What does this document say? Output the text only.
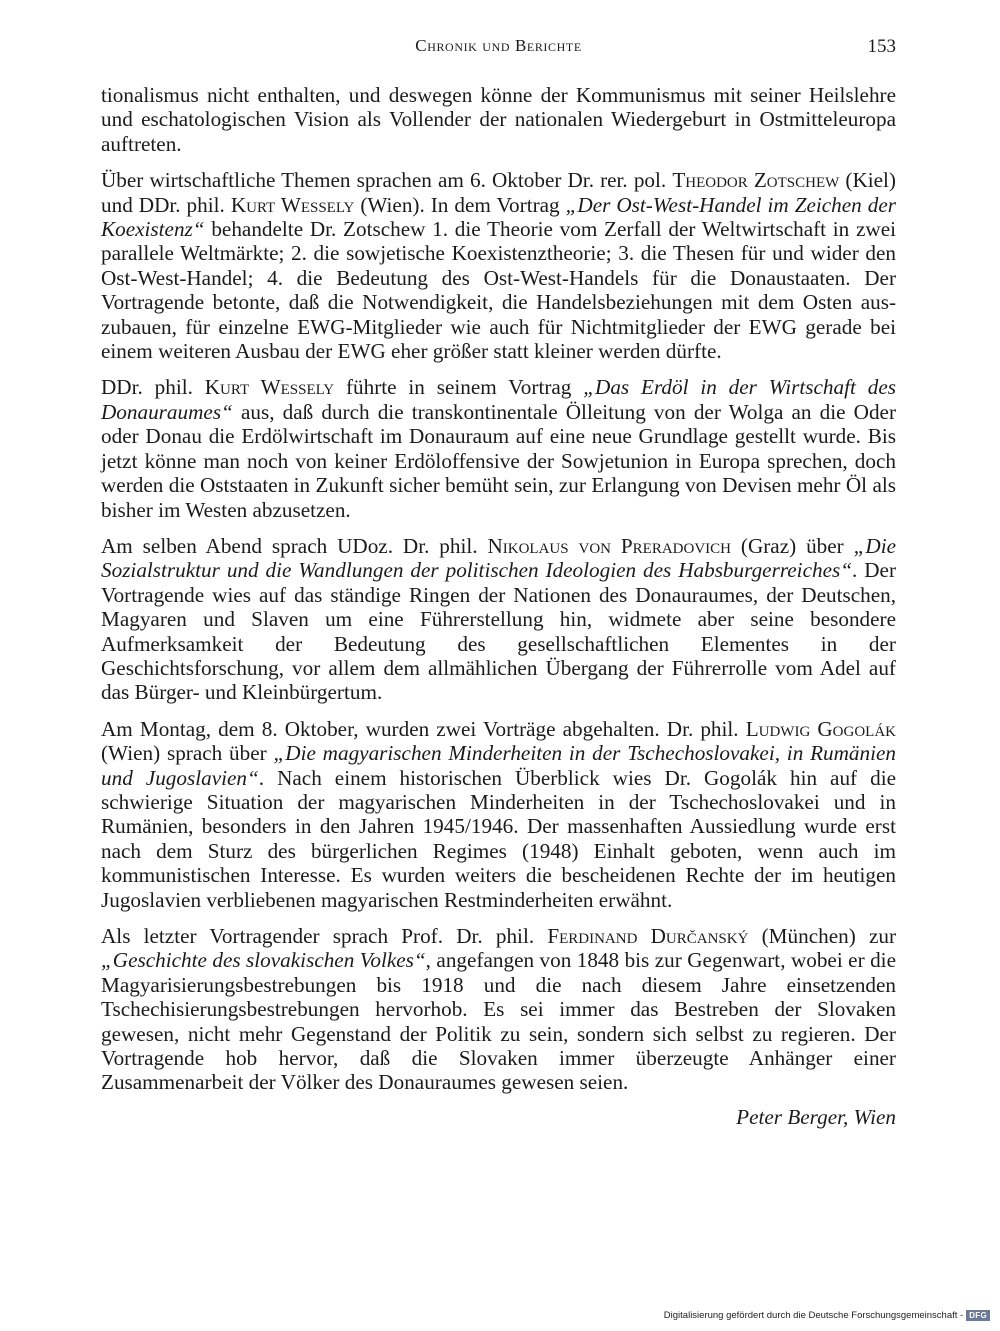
Chronik und Berichte	153

tionalismus nicht enthalten, und deswegen könne der Kommunismus mit seiner Heilslehre und eschatologischen Vision als Vollender der nationalen Wiedergeburt in Ostmitteleuropa auftreten.

Über wirtschaftliche Themen sprachen am 6. Oktober Dr. rer. pol. Theodor Zotschew (Kiel) und DDr. phil. Kurt Wessely (Wien). In dem Vortrag „Der Ost-West-Handel im Zeichen der Koexistenz“ behandelte Dr. Zotschew 1. die Theorie vom Zerfall der Weltwirtschaft in zwei parallele Weltmärkte; 2. die sowjetische Koexistenztheorie; 3. die Thesen für und wider den Ost-West-Handel; 4. die Bedeutung des Ost-West-Handels für die Donaustaaten. Der Vortragende betonte, daß die Notwendigkeit, die Handelsbeziehungen mit dem Osten auszubauen, für einzelne EWG-Mitglieder wie auch für Nichtmitglieder der EWG gerade bei einem weiteren Ausbau der EWG eher größer statt kleiner werden dürfte.

DDr. phil. Kurt Wessely führte in seinem Vortrag „Das Erdöl in der Wirtschaft des Donauraumes“ aus, daß durch die transkontinentale Ölleitung von der Wolga an die Oder oder Donau die Erdölwirtschaft im Donauraum auf eine neue Grundlage gestellt wurde. Bis jetzt könne man noch von keiner Erdöloffensive der Sowjetunion in Europa sprechen, doch werden die Oststaaten in Zukunft sicher bemüht sein, zur Erlangung von Devisen mehr Öl als bisher im Westen abzusetzen.

Am selben Abend sprach UDoz. Dr. phil. Nikolaus von Preradovich (Graz) über „Die Sozialstruktur und die Wandlungen der politischen Ideologien des Habsburgerreiches“. Der Vortragende wies auf das ständige Ringen der Nationen des Donauraumes, der Deutschen, Magyaren und Slaven um eine Führerstellung hin, widmete aber seine besondere Aufmerksamkeit der Bedeutung des gesellschaftlichen Elementes in der Geschichtsforschung, vor allem dem allmählichen Übergang der Führerrolle vom Adel auf das Bürger- und Kleinbürgertum.

Am Montag, dem 8. Oktober, wurden zwei Vorträge abgehalten. Dr. phil. Ludwig Gogolák (Wien) sprach über „Die magyarischen Minderheiten in der Tschechoslovakei, in Rumänien und Jugoslavien“. Nach einem historischen Überblick wies Dr. Gogolák hin auf die schwierige Situation der magyarischen Minderheiten in der Tschechoslovakei und in Rumänien, besonders in den Jahren 1945/1946. Der massenhaften Aussiedlung wurde erst nach dem Sturz des bürgerlichen Regimes (1948) Einhalt geboten, wenn auch im kommunistischen Interesse. Es wurden weiters die bescheidenen Rechte der im heutigen Jugoslavien verbliebenen magyarischen Restminderheiten erwähnt.

Als letzter Vortragender sprach Prof. Dr. phil. Ferdinand Durčanský (München) zur „Geschichte des slovakischen Volkes“, angefangen von 1848 bis zur Gegenwart, wobei er die Magyarisierungsbestrebungen bis 1918 und die nach diesem Jahre einsetzenden Tschechisierungsbestrebungen hervorhob. Es sei immer das Bestreben der Slovaken gewesen, nicht mehr Gegenstand der Politik zu sein, sondern sich selbst zu regieren. Der Vortragende hob hervor, daß die Slovaken immer überzeugte Anhänger einer Zusammenarbeit der Völker des Donauraumes gewesen seien.

Peter Berger, Wien
Digitalisierung gefördert durch die Deutsche Forschungsgemeinschaft - DFG
